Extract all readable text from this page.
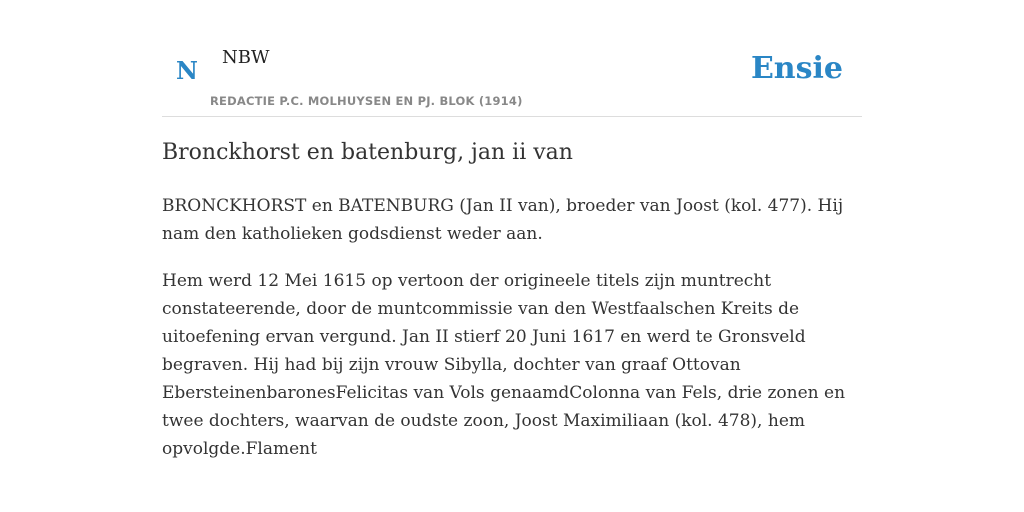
N NBW
REDACTIE P.C. MOLHUYSEN EN PJ. BLOK (1914)
Ensie
Bronckhorst en batenburg, jan ii van

BRONCKHORST en BATENBURG (Jan II van), broeder van Joost (kol. 477). Hij nam den katholieken godsdienst weder aan.

Hem werd 12 Mei 1615 op vertoon der origineele titels zijn muntrecht constateerende, door de muntcommissie van den Westfaalschen Kreits de uitoefening ervan vergund. Jan II stierf 20 Juni 1617 en werd te Gronsveld begraven. Hij had bij zijn vrouw Sibylla, dochter van graaf Ottovan EbersteinenbaronesFelicitas van Vols genaamdColonna van Fels, drie zonen en twee dochters, waarvan de oudste zoon, Joost Maximiliaan (kol. 478), hem opvolgde.Flament
